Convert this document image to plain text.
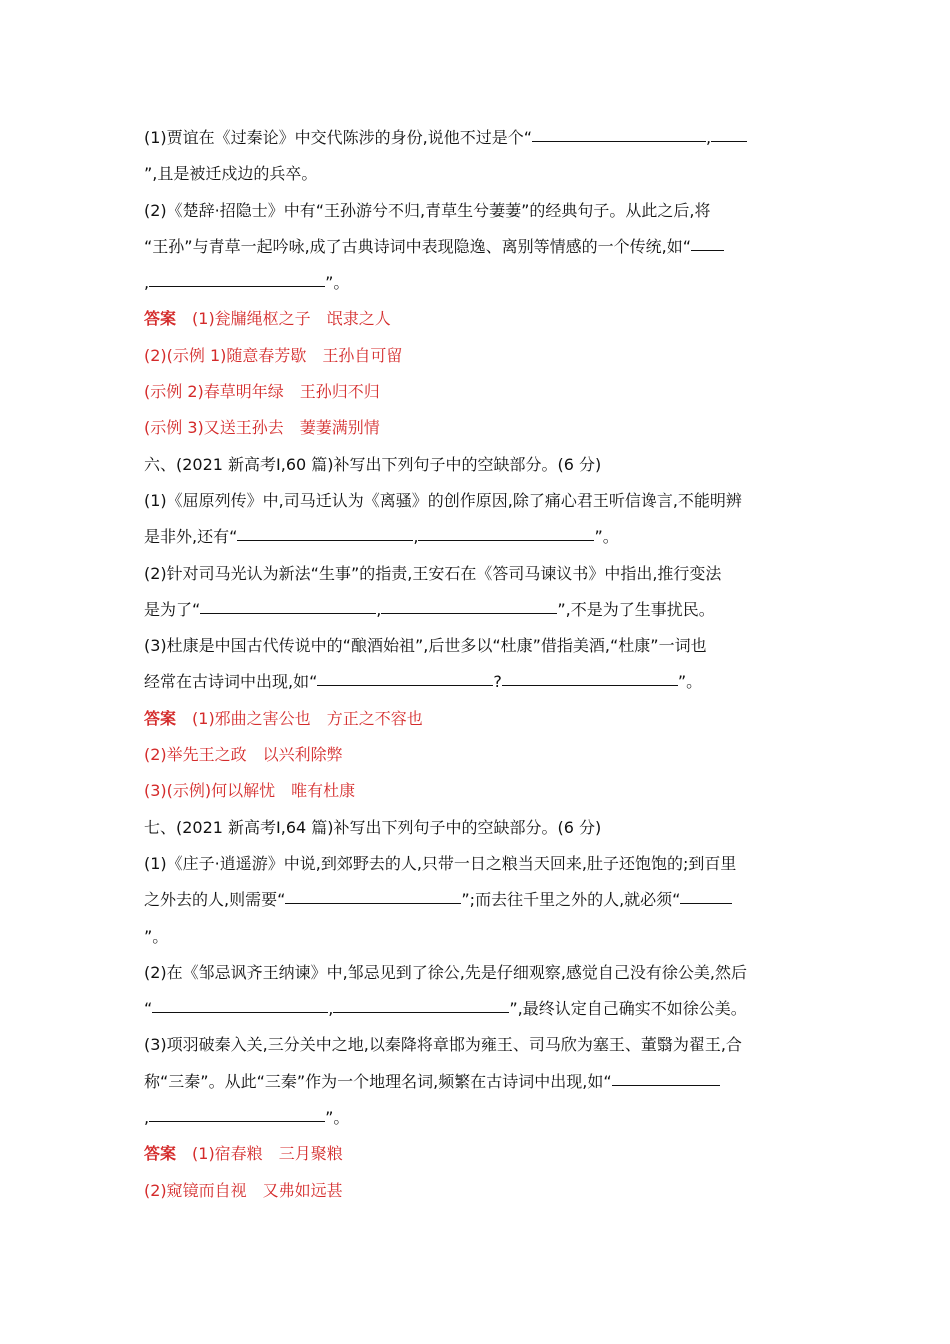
(1)贾谊在《过秦论》中交代陈涉的身份,说他不过是个“	,
”,且是被迁戍边的兵卒。
(2)《楚辞·招隐士》中有“王孙游兮不归,青草生兮萋萋”的经典句子。从此之后,将
“王孙”与青草一起吟咏,成了古典诗词中表现隐逸、离别等情感的一个传统,如“
,	”。
答案 (1)瓮牖绳枢之子 氓隶之人
(2)(示例 1)随意春芳歇 王孙自可留
(示例 2)春草明年绿 王孙归不归
(示例 3)又送王孙去 萋萋满别情
六、(2021 新高考Ⅰ,60 篇)补写出下列句子中的空缺部分。(6 分)
(1)《屈原列传》中,司马迁认为《离骚》的创作原因,除了痛心君王听信谗言,不能明辨
是非外,还有“	,	”。
(2)针对司马光认为新法“生事”的指责,王安石在《答司马谏议书》中指出,推行变法
是为了“	,	”,不是为了生事扰民。
(3)杜康是中国古代传说中的“酿酒始祖”,后世多以“杜康”借指美酒,“杜康”一词也
经常在古诗词中出现,如“	?	”。
答案 (1)邪曲之害公也 方正之不容也
(2)举先王之政 以兴利除弊
(3)(示例)何以解忧 唯有杜康
七、(2021 新高考Ⅰ,64 篇)补写出下列句子中的空缺部分。(6 分)
(1)《庄子·逍遥游》中说,到郊野去的人,只带一日之粮当天回来,肚子还饱饱的;到百里
之外去的人,则需要“	”;而去往千里之外的人,就必须“
”。
(2)在《邹忌讽齐王纳谏》中,邹忌见到了徐公,先是仔细观察,感觉自己没有徐公美,然后
“	,	”,最终认定自己确实不如徐公美。
(3)项羽破秦入关,三分关中之地,以秦降将章邯为雍王、司马欣为塞王、董翳为翟王,合
称“三秦”。从此“三秦”作为一个地理名词,频繁在古诗词中出现,如“
,	”。
答案 (1)宿春粮 三月聚粮
(2)窥镜而自视 又弗如远甚
